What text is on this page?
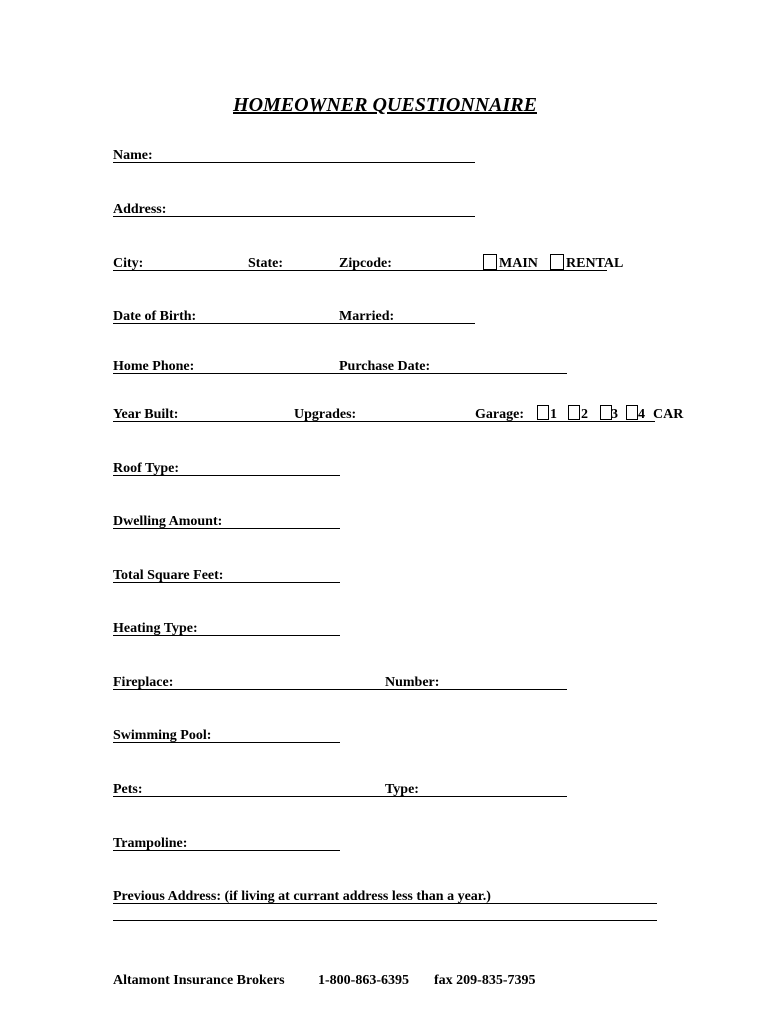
HOMEOWNER QUESTIONNAIRE
Name:
Address:
City:	State:	Zipcode:	MAIN RENTAL
Date of Birth:	Married:
Home Phone:	Purchase Date:
Year Built:	Upgrades:	Garage: 1 2 3 4 CAR
Roof Type:
Dwelling Amount:
Total Square Feet:
Heating Type:
Fireplace:	Number:
Swimming Pool:
Pets:	Type:
Trampoline:
Previous Address: (if living at currant address less than a year.)
Altamont Insurance Brokers 1-800-863-6395 fax 209-835-7395
